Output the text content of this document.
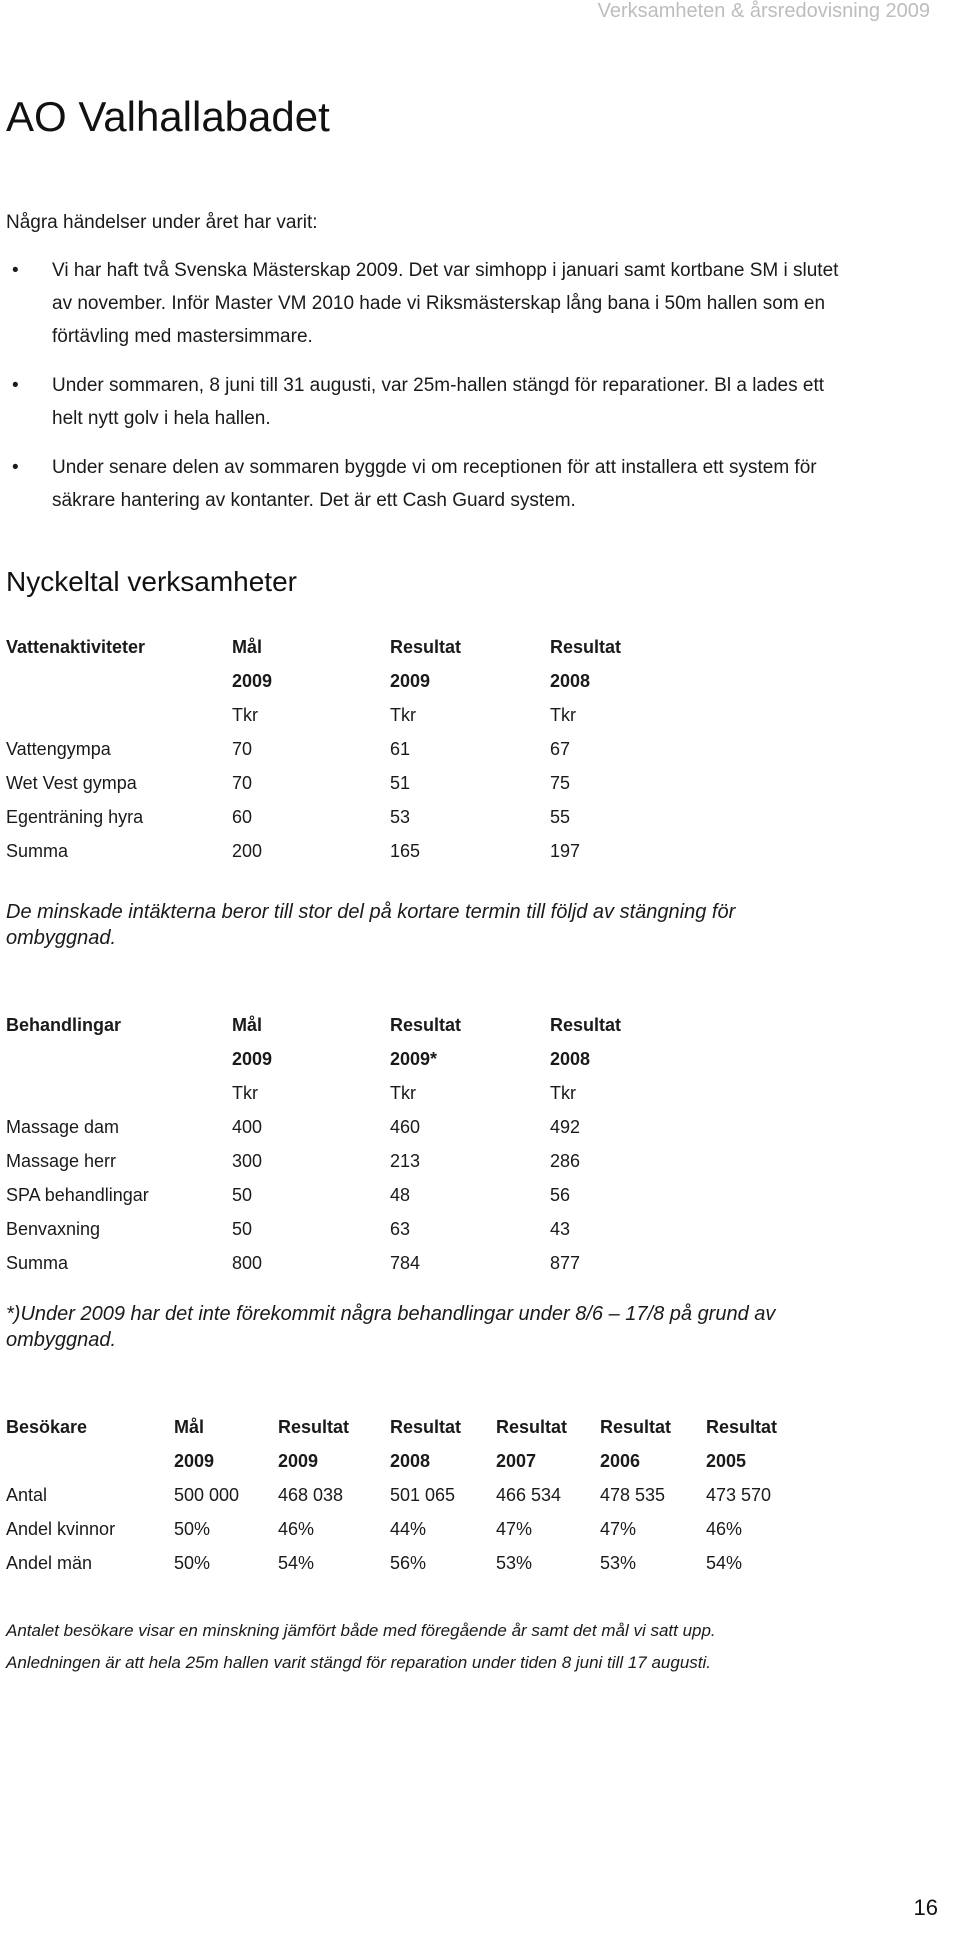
Verksamheten & årsredovisning 2009
AO Valhallabadet
Några händelser under året har varit:
• Vi har haft två Svenska Mästerskap 2009. Det var simhopp i januari samt kortbane SM i slutet av november. Inför Master VM 2010 hade vi Riksmästerskap lång bana i 50m hallen som en förtävling med mastersimmare.
• Under sommaren, 8 juni till 31 augusti, var 25m-hallen stängd för reparationer. Bl a lades ett helt nytt golv i hela hallen.
• Under senare delen av sommaren byggde vi om receptionen för att installera ett system för säkrare hantering av kontanter. Det är ett Cash Guard system.
Nyckeltal verksamheter
Vattenaktiviteter	Mål	Resultat	Resultat
	2009	2009	2008
	Tkr	Tkr	Tkr
Vattengympa	70	61	67
Wet Vest gympa	70	51	75
Egenträning hyra	60	53	55
Summa	200	165	197
De minskade intäkterna beror till stor del på kortare termin till följd av stängning för ombyggnad.
Behandlingar	Mål	Resultat	Resultat
	2009	2009*	2008
	Tkr	Tkr	Tkr
Massage dam	400	460	492
Massage herr	300	213	286
SPA behandlingar	50	48	56
Benvaxning	50	63	43
Summa	800	784	877
*)Under 2009 har det inte förekommit några behandlingar under 8/6 – 17/8 på grund av ombyggnad.
Besökare	Mål	Resultat	Resultat	Resultat	Resultat	Resultat
	2009	2009	2008	2007	2006	2005
Antal	500 000	468 038	501 065	466 534	478 535	473 570
Andel kvinnor	50%	46%	44%	47%	47%	46%
Andel män	50%	54%	56%	53%	53%	54%
Antalet besökare visar en minskning jämfört både med föregående år samt det mål vi satt upp.
Anledningen är att hela 25m hallen varit stängd för reparation under tiden 8 juni till 17 augusti.
16
